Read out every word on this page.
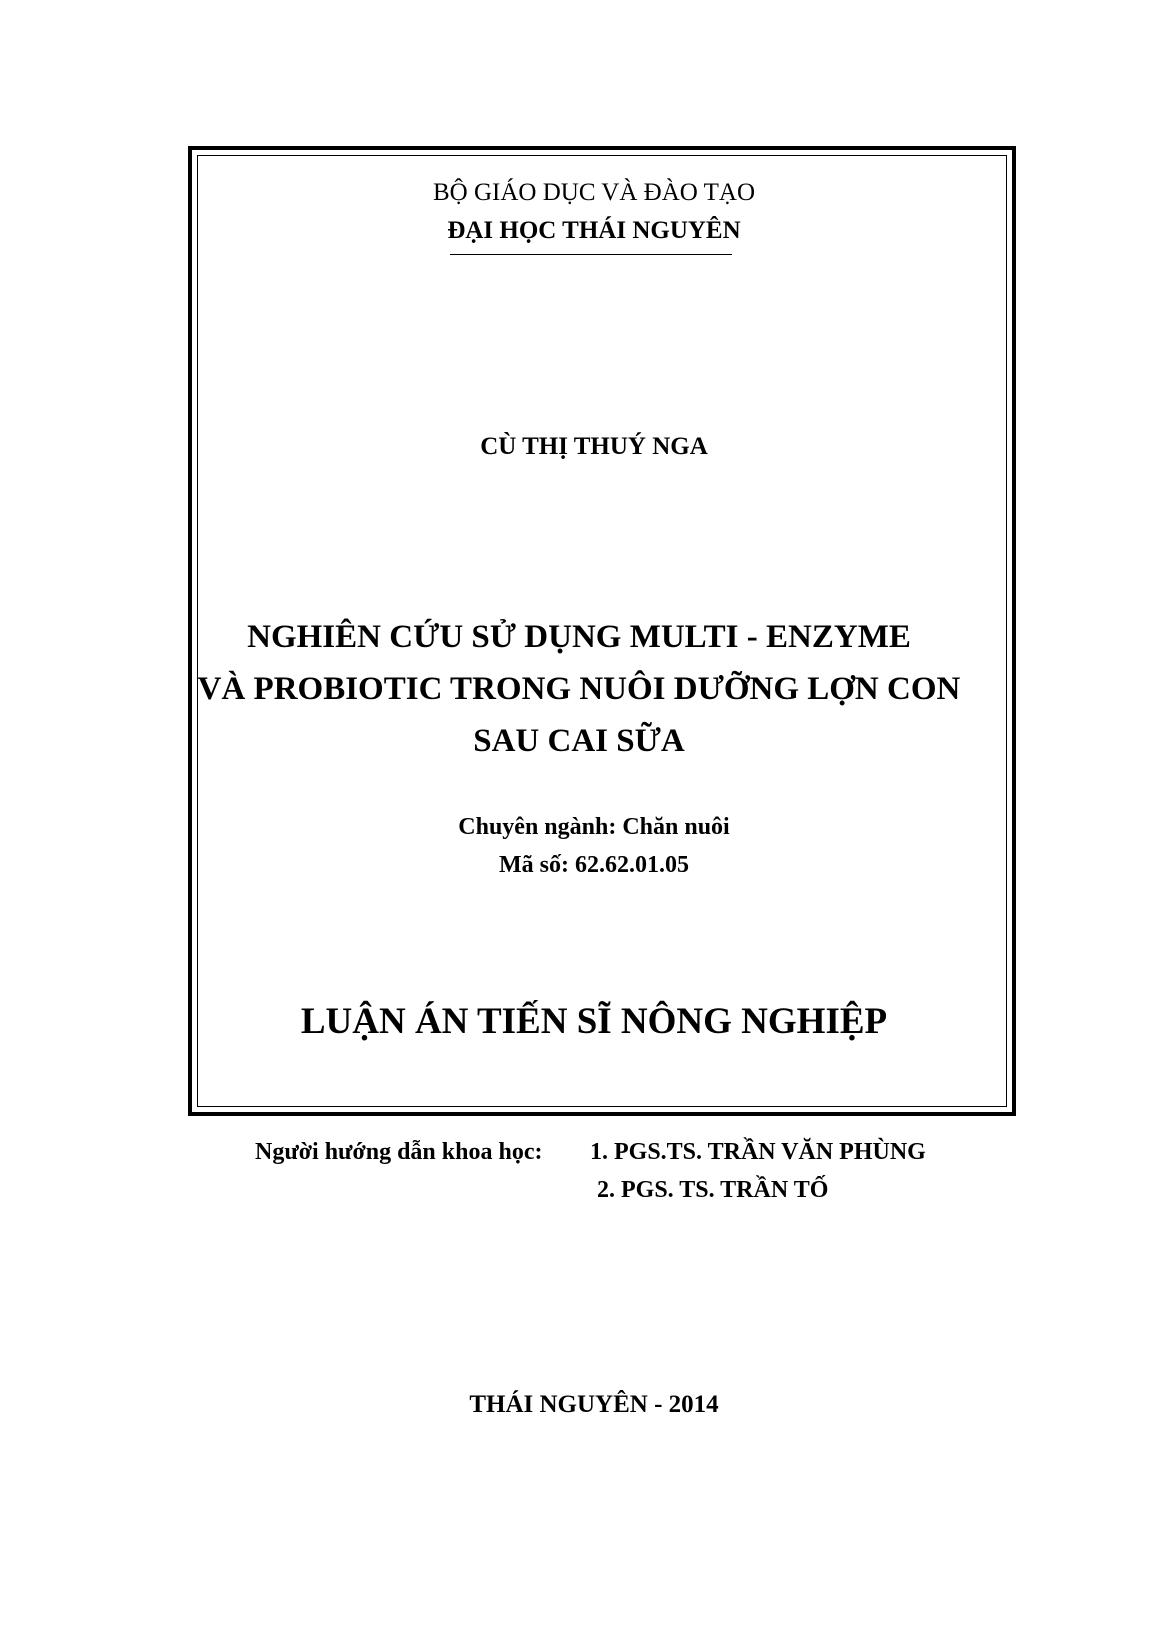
BỘ GIÁO DỤC VÀ ĐÀO TẠO
ĐẠI HỌC THÁI NGUYÊN
CÙ THỊ THUÝ NGA
NGHIÊN CỨU SỬ DỤNG MULTI - ENZYME
VÀ PROBIOTIC TRONG NUÔI DƯỠNG LỢN CON
SAU CAI SỮA
Chuyên ngành: Chăn nuôi
Mã số: 62.62.01.05
LUẬN ÁN TIẾN SĨ NÔNG NGHIỆP
Người hướng dẫn khoa học: 1. PGS.TS. TRẦN VĂN PHÙNG
2. PGS. TS. TRẦN TỐ
THÁI NGUYÊN - 2014
